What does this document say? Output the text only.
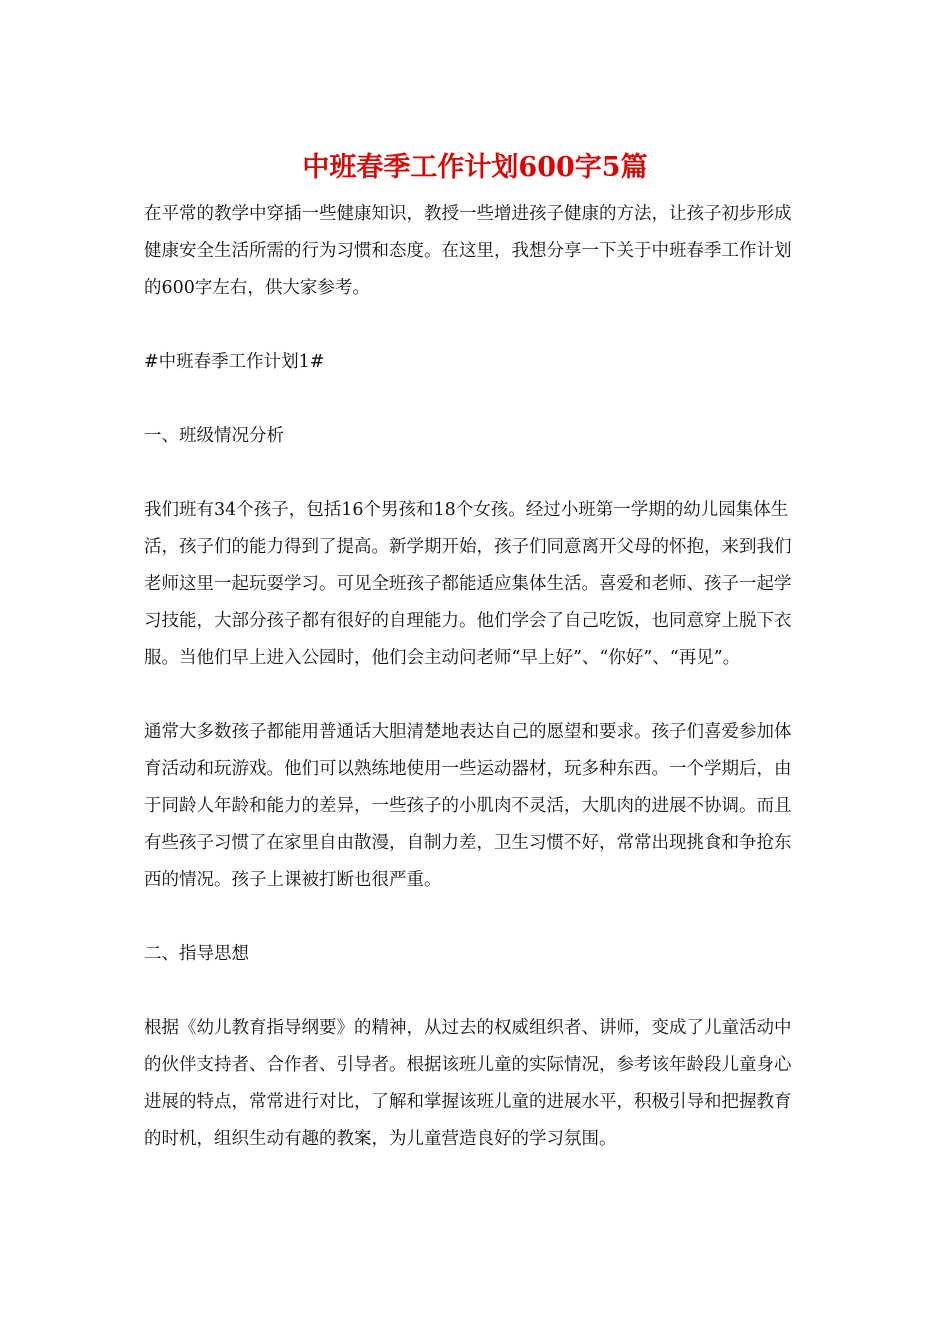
中班春季工作计划600字5篇

在平常的教学中穿插一些健康知识，教授一些增进孩子健康的方法，让孩子初步形成健康安全生活所需的行为习惯和态度。在这里，我想分享一下关于中班春季工作计划的600字左右，供大家参考。

#中班春季工作计划1#

一、班级情况分析

我们班有34个孩子，包括16个男孩和18个女孩。经过小班第一学期的幼儿园集体生活，孩子们的能力得到了提高。新学期开始，孩子们同意离开父母的怀抱，来到我们老师这里一起玩耍学习。可见全班孩子都能适应集体生活。喜爱和老师、孩子一起学习技能，大部分孩子都有很好的自理能力。他们学会了自己吃饭，也同意穿上脱下衣服。当他们早上进入公园时，他们会主动问老师“早上好”、“你好”、“再见”。

通常大多数孩子都能用普通话大胆清楚地表达自己的愿望和要求。孩子们喜爱参加体育活动和玩游戏。他们可以熟练地使用一些运动器材，玩多种东西。一个学期后，由于同龄人年龄和能力的差异，一些孩子的小肌肉不灵活，大肌肉的进展不协调。而且有些孩子习惯了在家里自由散漫，自制力差，卫生习惯不好，常常出现挑食和争抢东西的情况。孩子上课被打断也很严重。

二、指导思想

根据《幼儿教育指导纲要》的精神，从过去的权威组织者、讲师，变成了儿童活动中的伙伴支持者、合作者、引导者。根据该班儿童的实际情况，参考该年龄段儿童身心进展的特点，常常进行对比，了解和掌握该班儿童的进展水平，积极引导和把握教育的时机，组织生动有趣的教案，为儿童营造良好的学习氛围。
